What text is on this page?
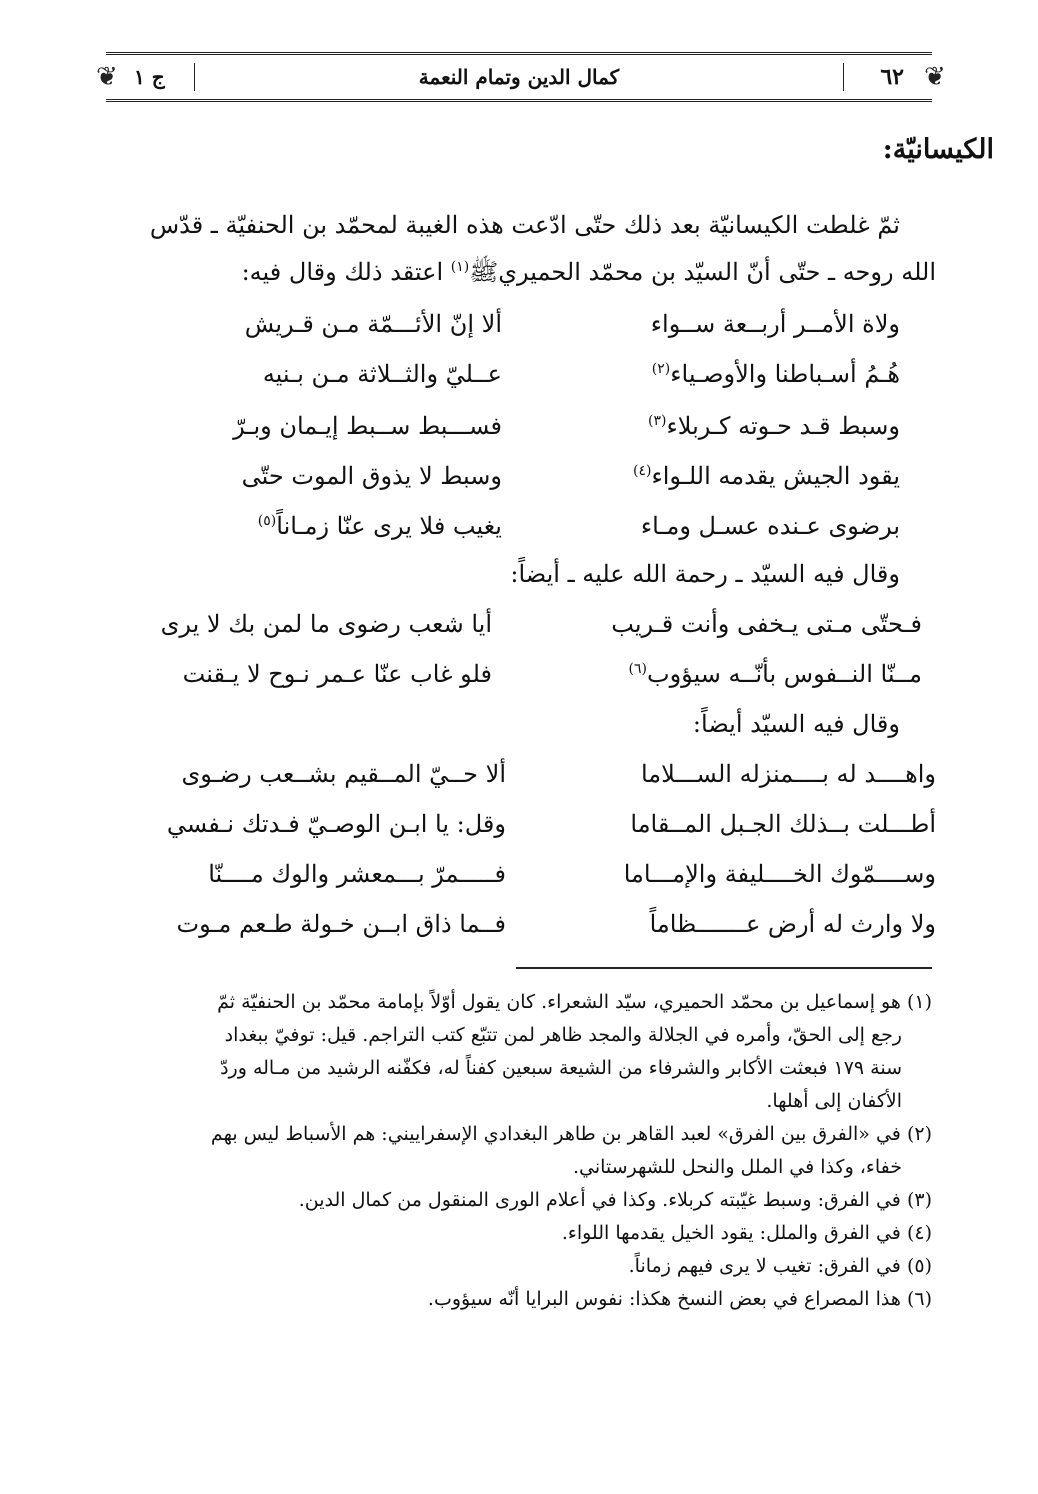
❦
٦٢
كمال الدين وتمام النعمة
ج ١
❦
الكيسانيّة:

ثمّ غلطت الكيسانيّة بعد ذلك حتّى ادّعت هذه الغيبة لمحمّد بن الحنفيّة ـ قدّس

الله روحه ـ حتّى أنّ السيّد بن محمّد الحميريﷺ$^{(١)}$ اعتقد ذلك وقال فيه:
ألا إنّ الأئـــمّة مـن قـريش	ولاة الأمــر أربــعة ســواء
عــليّ والثــلاثة مـن بـنيه	هُـمُ أسـباطنا والأوصـياء$^{(٢)}$
فســـبط ســبط إيـمان وبـرّ	وسبط قـد حـوته كـربلاء$^{(٣)}$
وسبط لا يذوق الموت حتّى	يقود الجيش يقدمه اللـواء$^{(٤)}$
يغيب فلا يرى عنّا زمـاناً$^{(٥)}$	برضوى عـنده عسـل ومـاء
وقال فيه السيّد ـ رحمة الله عليه ـ أيضاً:
أيا شعب رضوى ما لمن بك لا يرى	فـحتّى مـتى يـخفى وأنت قـريب
فلو غاب عنّا عـمر نـوح لا يـقنت	مــنّا النــفوس بأنّــه سيؤوب$^{(٦)}$
وقال فيه السيّد أيضاً:
ألا حــيّ المــقيم بشــعب رضـوى	واهــــد له بــــمنزله الســـلاما
وقل: يا ابـن الوصـيّ فـدتك نـفسي	أطـــلت بــذلك الجـبل المــقاما
فـــــمرّ بـــمعشر والوك مــــنّا	وســــمّوك الخــــليفة والإمـــاما
فــما ذاق ابــن خـولة طـعم مـوت	ولا وارث له أرض عـــــــظاماً

(١) هو إسماعيل بن محمّد الحميري، سيّد الشعراء. كان يقول أوّلاً بإمامة محمّد بن الحنفيّة ثمّ
رجع إلى الحقّ، وأمره في الجلالة والمجد ظاهر لمن تتبّع كتب التراجم. قيل: توفيّ ببغداد
سنة ١٧٩ فبعثت الأكابر والشرفاء من الشيعة سبعين كفناً له، فكفّنه الرشيد من مـاله وردّ
الأكفان إلى أهلها.

(٢) في «الفرق بين الفرق» لعبد القاهر بن طاهر البغدادي الإسفراييني: هم الأسباط ليس بهم
خفاء، وكذا في الملل والنحل للشهرستاني.

(٣) في الفرق: وسبط غيّبته كربلاء. وكذا في أعلام الورى المنقول من كمال الدين.

(٤) في الفرق والملل: يقود الخيل يقدمها اللواء.

(٥) في الفرق: تغيب لا يرى فيهم زماناً.

(٦) هذا المصراع في بعض النسخ هكذا: نفوس البرايا أنّه سيؤوب.
